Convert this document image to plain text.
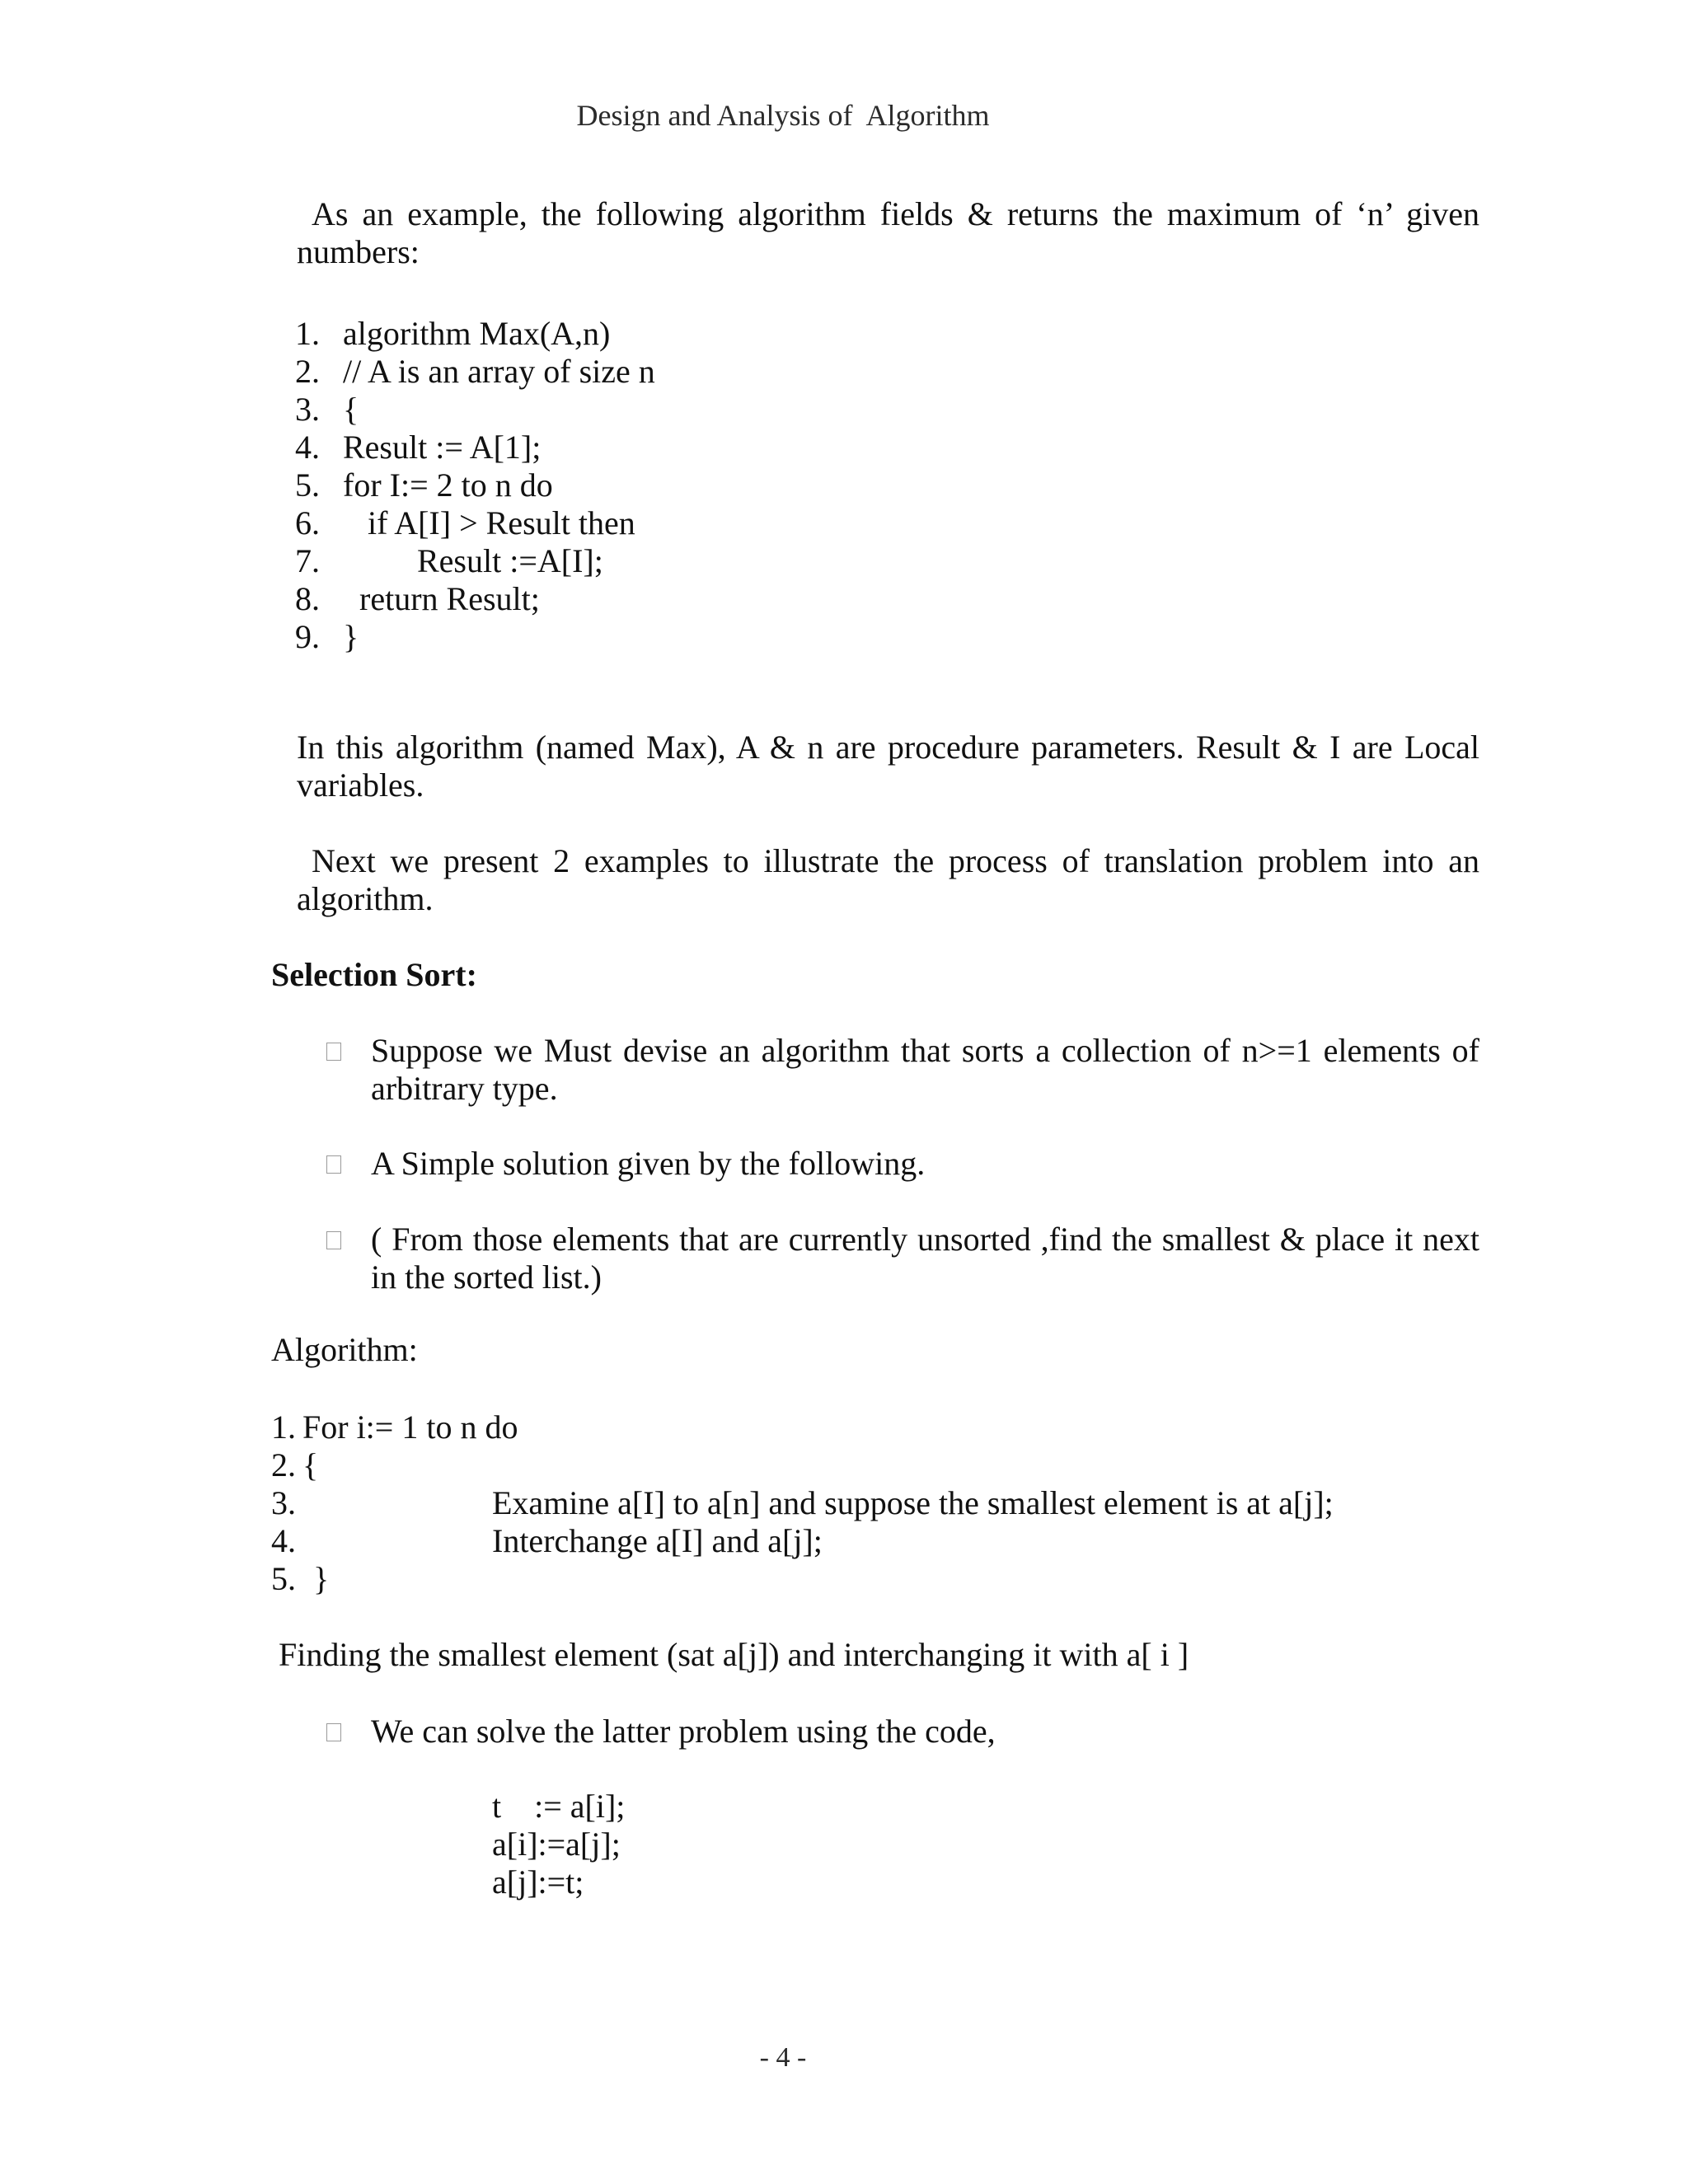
Design and Analysis of  Algorithm
As an example, the following algorithm fields & returns the maximum of ‘n’ given numbers:
1. algorithm Max(A,n)
2. // A is an array of size n
3. {
4. Result := A[1];
5. for I:= 2 to n do
6. if A[I] > Result then
7. Result :=A[I];
8. return Result;
9. }
In this algorithm (named Max), A & n are procedure parameters. Result & I are Local variables.
Next we present 2 examples to illustrate the process of translation problem into an algorithm.
Selection Sort:
Suppose we Must devise an algorithm that sorts a collection of n>=1 elements of arbitrary type.
A Simple solution given by the following.
( From those elements that are currently unsorted ,find the smallest & place it next in the sorted list.)
Algorithm:
1. For i:= 1 to n do
2. {
3.	Examine a[I] to a[n] and suppose the smallest element is at a[j];
4.	Interchange a[I] and a[j];
5. }
Finding the smallest element (sat a[j]) and interchanging it with a[ i ]
We can solve the latter problem using the code,
t    := a[i];
a[i]:=a[j];
a[j]:=t;
- 4 -
